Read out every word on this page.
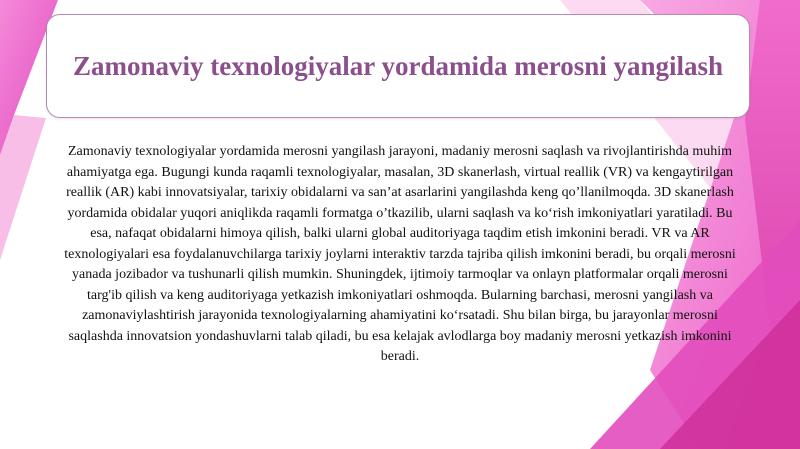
Zamonaviy texnologiyalar yordamida merosni yangilash

Zamonaviy texnologiyalar yordamida merosni yangilash jarayoni, madaniy merosni saqlash va rivojlantirishda muhim ahamiyatga ega. Bugungi kunda raqamli texnologiyalar, masalan, 3D skanerlash, virtual reallik (VR) va kengaytirilgan reallik (AR) kabi innovatsiyalar, tarixiy obidalarni va san’at asarlarini yangilashda keng qo’llanilmoqda. 3D skanerlash yordamida obidalar yuqori aniqlikda raqamli formatga o’tkazilib, ularni saqlash va ko‘rish imkoniyatlari yaratiladi. Bu esa, nafaqat obidalarni himoya qilish, balki ularni global auditoriyaga taqdim etish imkonini beradi. VR va AR texnologiyalari esa foydalanuvchilarga tarixiy joylarni interaktiv tarzda tajriba qilish imkonini beradi, bu orqali merosni yanada jozibador va tushunarli qilish mumkin. Shuningdek, ijtimoiy tarmoqlar va onlayn platformalar orqali merosni targ'ib qilish va keng auditoriyaga yetkazish imkoniyatlari oshmoqda. Bularning barchasi, merosni yangilash va zamonaviylashtirish jarayonida texnologiyalarning ahamiyatini ko‘rsatadi. Shu bilan birga, bu jarayonlar merosni saqlashda innovatsion yondashuvlarni talab qiladi, bu esa kelajak avlodlarga boy madaniy merosni yetkazish imkonini beradi.
